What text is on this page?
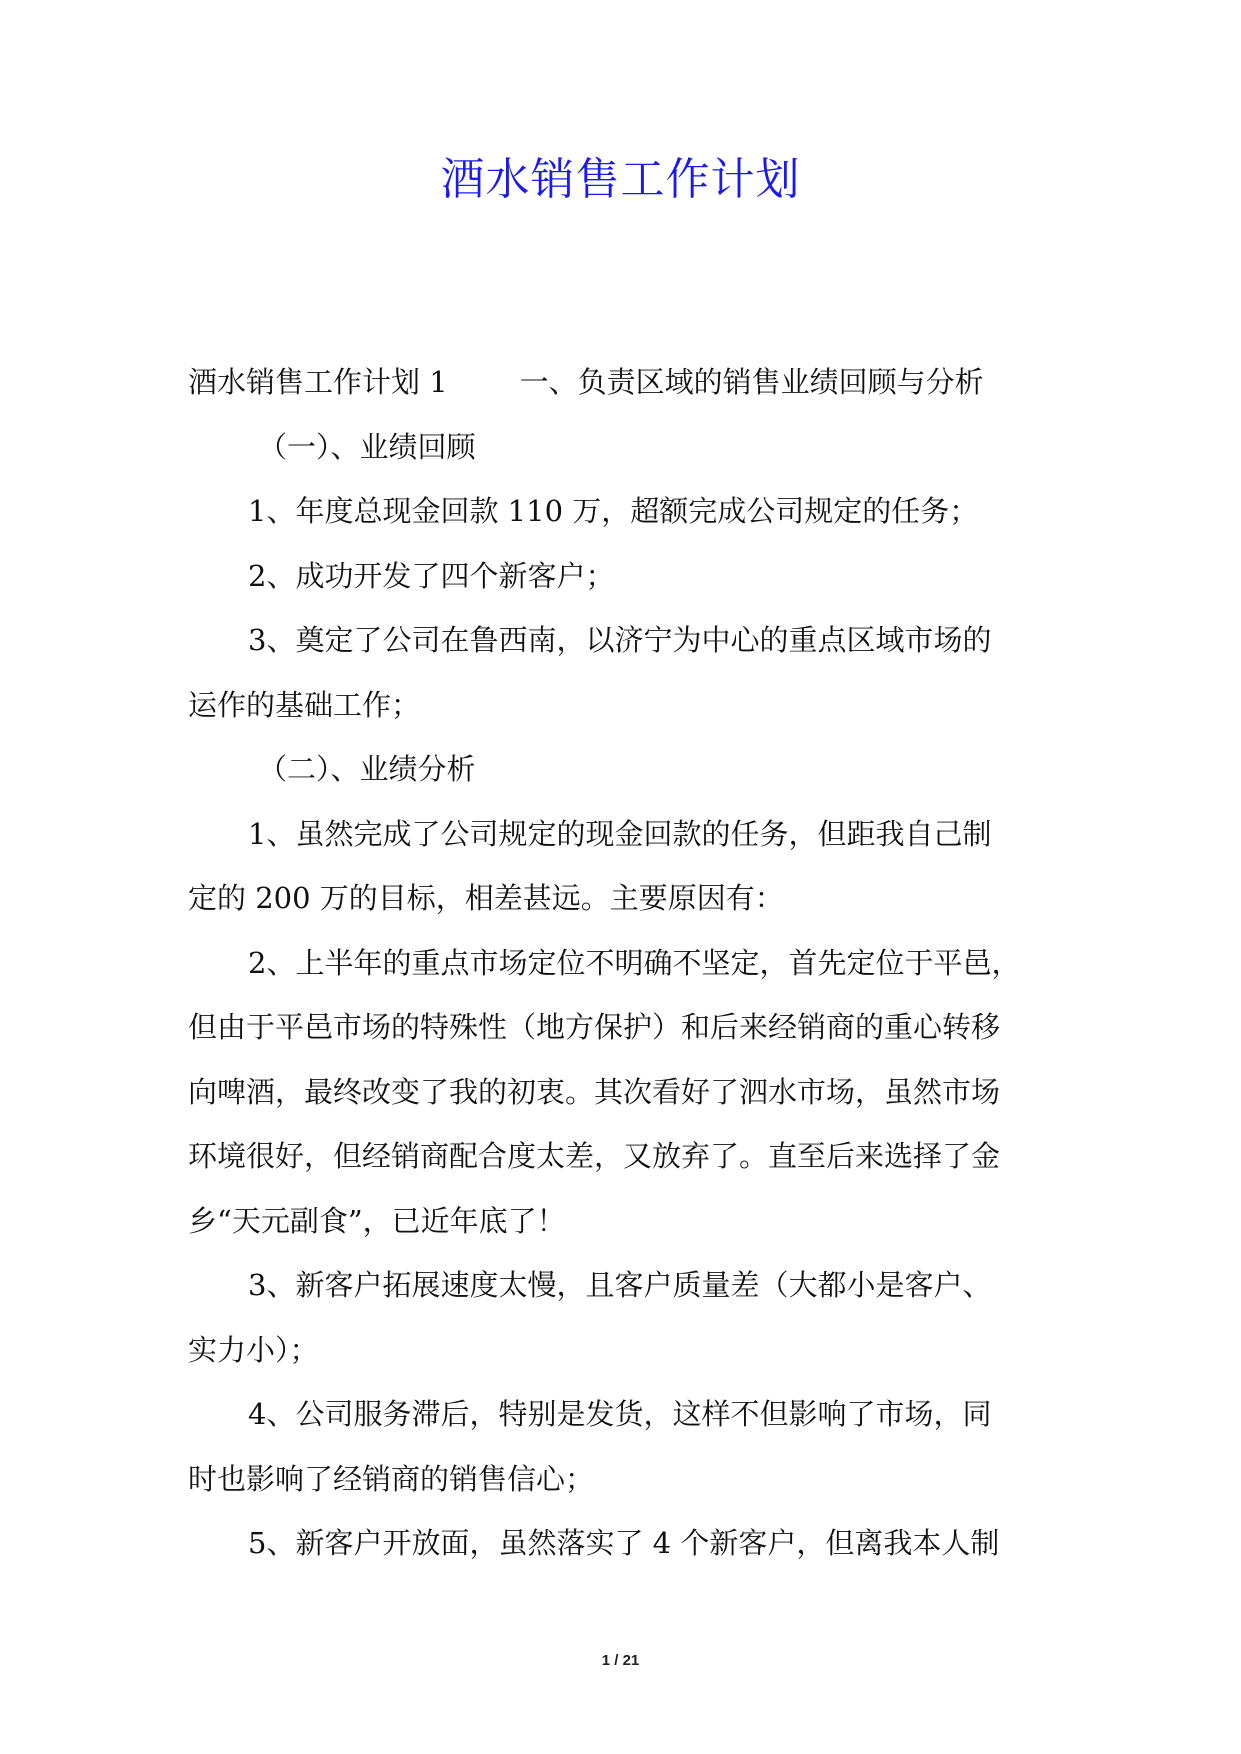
酒水销售工作计划
酒水销售工作计划 1 一、负责区域的销售业绩回顾与分析
（一）、业绩回顾
1、年度总现金回款 110 万，超额完成公司规定的任务；
2、成功开发了四个新客户；
3、奠定了公司在鲁西南，以济宁为中心的重点区域市场的
运作的基础工作；
（二）、业绩分析
1、虽然完成了公司规定的现金回款的任务，但距我自己制
定的 200 万的目标，相差甚远。主要原因有：
2、上半年的重点市场定位不明确不坚定，首先定位于平邑，
但由于平邑市场的特殊性（地方保护）和后来经销商的重心转移
向啤酒，最终改变了我的初衷。其次看好了泗水市场，虽然市场
环境很好，但经销商配合度太差，又放弃了。直至后来选择了金
乡“天元副食”，已近年底了！
3、新客户拓展速度太慢，且客户质量差（大都小是客户、
实力小）；
4、公司服务滞后，特别是发货，这样不但影响了市场，同
时也影响了经销商的销售信心；
5、新客户开放面，虽然落实了 4 个新客户，但离我本人制
1 / 21
